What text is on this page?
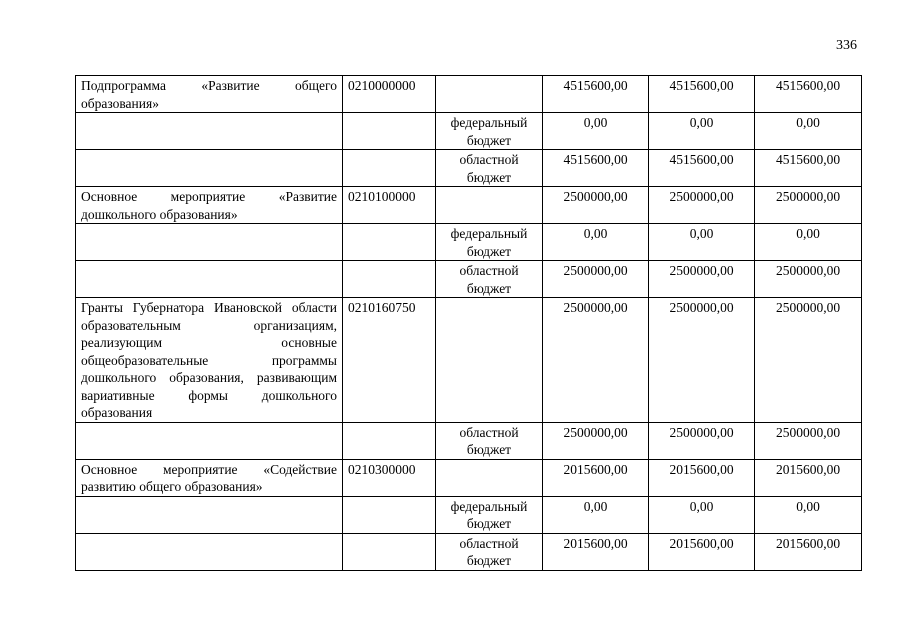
336
Подпрограмма «Развитие общего образования»	0210000000		4515600,00	4515600,00	4515600,00
		федеральный бюджет	0,00	0,00	0,00
		областной бюджет	4515600,00	4515600,00	4515600,00
Основное мероприятие «Развитие дошкольного образования»	0210100000		2500000,00	2500000,00	2500000,00
		федеральный бюджет	0,00	0,00	0,00
		областной бюджет	2500000,00	2500000,00	2500000,00
Гранты Губернатора Ивановской области образовательным организациям, реализующим основные общеобразовательные программы дошкольного образования, развивающим вариативные формы дошкольного образования	0210160750		2500000,00	2500000,00	2500000,00
		областной бюджет	2500000,00	2500000,00	2500000,00
Основное мероприятие «Содействие развитию общего образования»	0210300000		2015600,00	2015600,00	2015600,00
		федеральный бюджет	0,00	0,00	0,00
		областной бюджет	2015600,00	2015600,00	2015600,00
